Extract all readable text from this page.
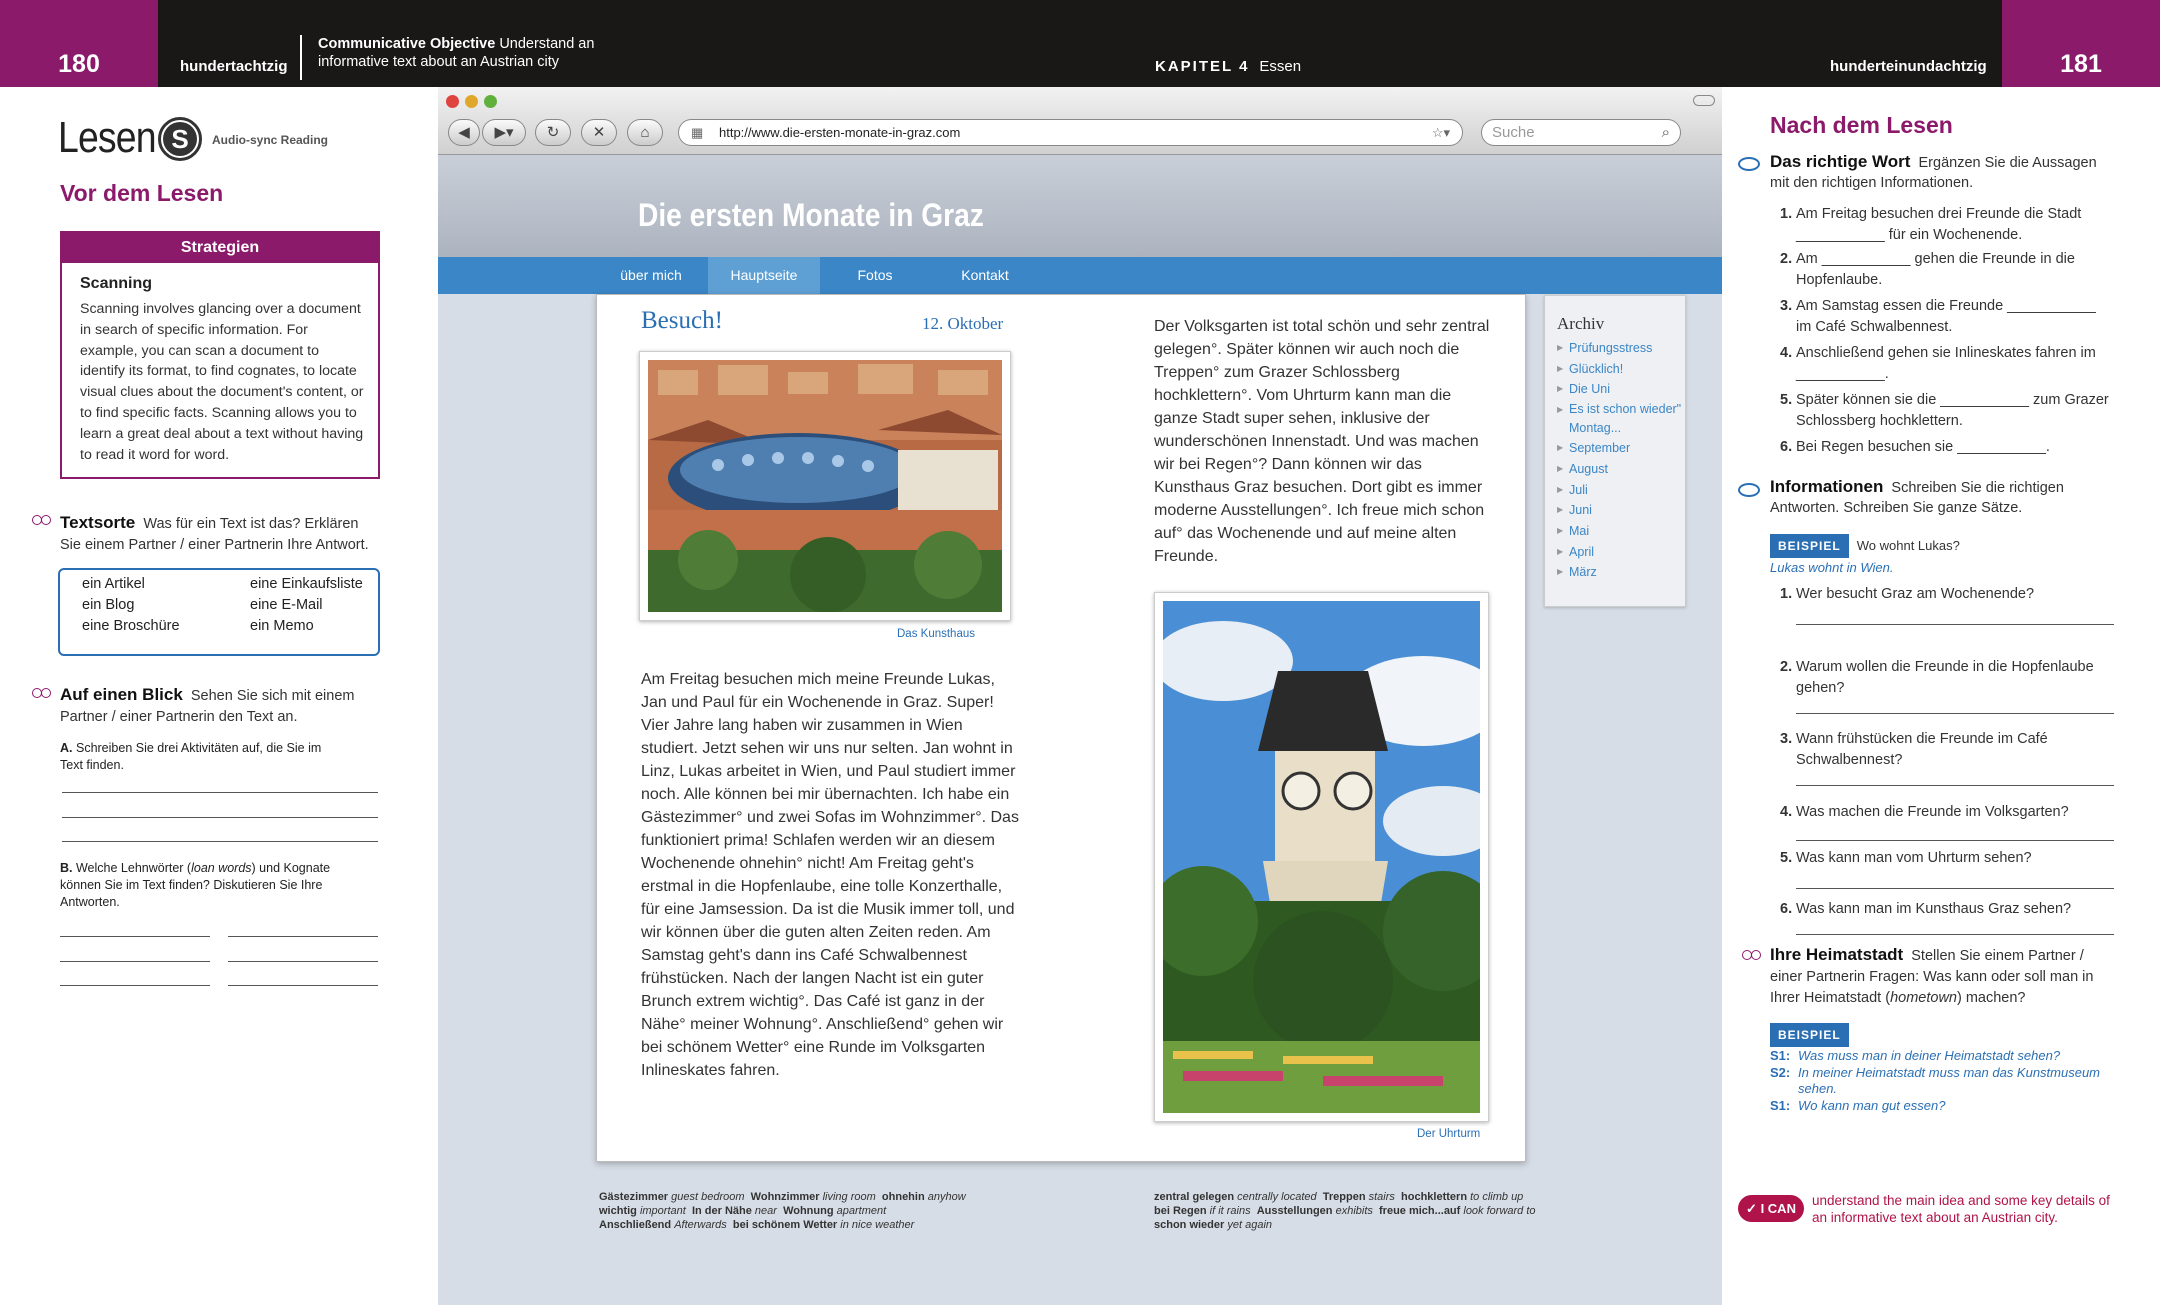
180	hundertachtzig
Communicative Objective Understand an informative text about an Austrian city	KAPITEL 4 Essen	hunderteinundachtzig	181
Lesen S	Audio-sync Reading
Vor dem Lesen
Strategien
Scanning
Scanning involves glancing over a document in search of specific information. For example, you can scan a document to identify its format, to find cognates, to locate visual clues about the document's content, or to find specific facts. Scanning allows you to learn a great deal about a text without having to read it word for word.
Textsorte Was für ein Text ist das? Erklären Sie einem Partner / einer Partnerin Ihre Antwort.
ein Artikel	eine Einkaufsliste
ein Blog	eine E-Mail
eine Broschüre	ein Memo
Auf einen Blick Sehen Sie sich mit einem Partner / einer Partnerin den Text an.
A. Schreiben Sie drei Aktivitäten auf, die Sie im Text finden.
B. Welche Lehnwörter (loan words) und Kognate können Sie im Text finden? Diskutieren Sie Ihre Antworten.
◀	▶▾	↻	✕	⌂	▦ http://www.die-ersten-monate-in-graz.com	☆▾	Suche	⌕
Die ersten Monate in Graz
über mich	Hauptseite	Fotos	Kontakt
Besuch!	12. Oktober
Das Kunsthaus
Am Freitag besuchen mich meine Freunde Lukas, Jan und Paul für ein Wochenende in Graz. Super! Vier Jahre lang haben wir zusammen in Wien studiert. Jetzt sehen wir uns nur selten. Jan wohnt in Linz, Lukas arbeitet in Wien, und Paul studiert immer noch. Alle können bei mir übernachten. Ich habe ein Gästezimmer° und zwei Sofas im Wohnzimmer°. Das funktioniert prima! Schlafen werden wir an diesem Wochenende ohnehin° nicht! Am Freitag geht's erstmal in die Hopfenlaube, eine tolle Konzerthalle, für eine Jamsession. Da ist die Musik immer toll, und wir können über die guten alten Zeiten reden. Am Samstag geht's dann ins Café Schwalbennest frühstücken. Nach der langen Nacht ist ein guter Brunch extrem wichtig°. Das Café ist ganz in der Nähe° meiner Wohnung°. Anschließend° gehen wir bei schönem Wetter° eine Runde im Volksgarten Inlineskates fahren.
Der Volksgarten ist total schön und sehr zentral gelegen°. Später können wir auch noch die Treppen° zum Grazer Schlossberg hochklettern°. Vom Uhrturm kann man die ganze Stadt super sehen, inklusive der wunderschönen Innenstadt. Und was machen wir bei Regen°? Dann können wir das Kunsthaus Graz besuchen. Dort gibt es immer moderne Ausstellungen°. Ich freue mich schon auf° das Wochenende und auf meine alten Freunde.
Der Uhrturm
Archiv
▶ Prüfungsstress
▶ Glücklich!
▶ Die Uni
▶ Es ist schon wieder" Montag...
▶ September
▶ August
▶ Juli
▶ Juni
▶ Mai
▶ April
▶ März
Gästezimmer guest bedroom Wohnzimmer living room ohnehin anyhow
wichtig important In der Nähe near Wohnung apartment
Anschließend Afterwards bei schönem Wetter in nice weather
zentral gelegen centrally located Treppen stairs hochklettern to climb up
bei Regen if it rains Ausstellungen exhibits freue mich...auf look forward to
schon wieder yet again
Nach dem Lesen
Das richtige Wort Ergänzen Sie die Aussagen mit den richtigen Informationen.
1. Am Freitag besuchen drei Freunde die Stadt ___________ für ein Wochenende.
2. Am ___________ gehen die Freunde in die Hopfenlaube.
3. Am Samstag essen die Freunde ___________ im Café Schwalbennest.
4. Anschließend gehen sie Inlineskates fahren im ___________.
5. Später können sie die ___________ zum Grazer Schlossberg hochklettern.
6. Bei Regen besuchen sie ___________.
Informationen Schreiben Sie die richtigen Antworten. Schreiben Sie ganze Sätze.
BEISPIEL Wo wohnt Lukas?
Lukas wohnt in Wien.
1. Wer besucht Graz am Wochenende?
2. Warum wollen die Freunde in die Hopfenlaube gehen?
3. Wann frühstücken die Freunde im Café Schwalbennest?
4. Was machen die Freunde im Volksgarten?
5. Was kann man vom Uhrturm sehen?
6. Was kann man im Kunsthaus Graz sehen?
Ihre Heimatstadt Stellen Sie einem Partner / einer Partnerin Fragen: Was kann oder soll man in Ihrer Heimatstadt (hometown) machen?
BEISPIEL
S1: Was muss man in deiner Heimatstadt sehen?
S2: In meiner Heimatstadt muss man das Kunstmuseum sehen.
S1: Wo kann man gut essen?
✓ I CAN
understand the main idea and some key details of an informative text about an Austrian city.
